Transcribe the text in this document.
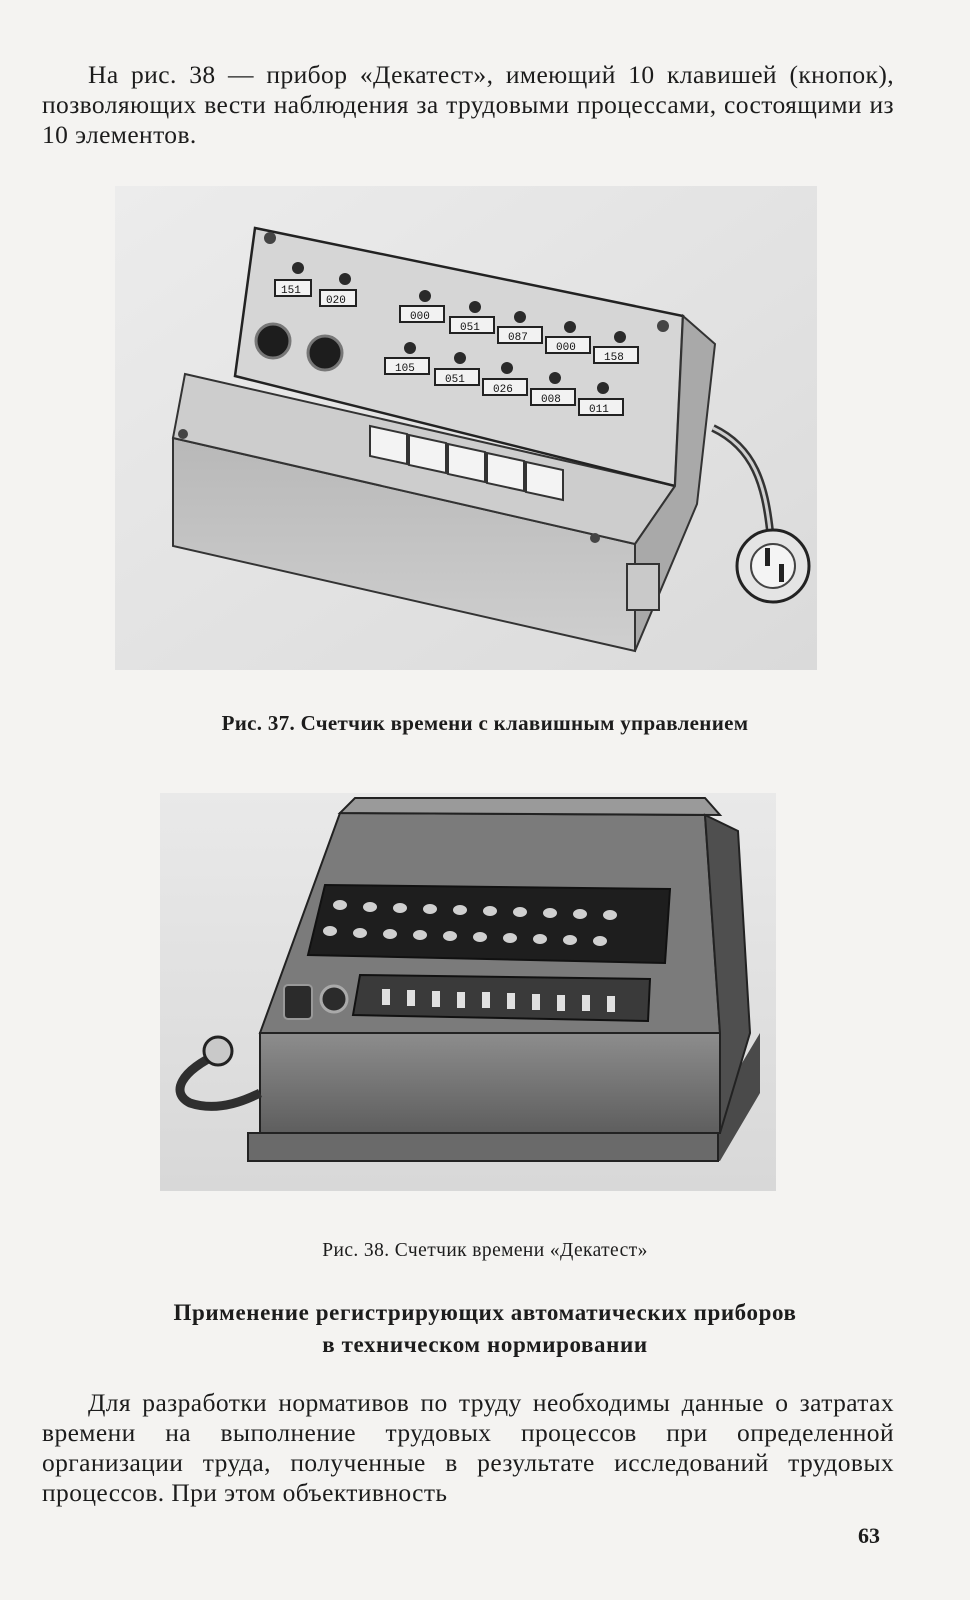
На рис. 38 — прибор «Декатест», имеющий 10 клавишей (кнопок), позволяющих вести наблюдения за трудовыми процессами, состоящими из 10 элементов.

151
020
000
051
087
000
158
105
051
026
008
011

Рис. 37. Счетчик времени с клавишным управлением

Рис. 38. Счетчик времени «Декатест»

Применение регистрирующих автоматических приборов
в техническом нормировании

Для разработки нормативов по труду необходимы данные о затратах времени на выполнение трудовых процессов при определенной организации труда, полученные в результате исследований трудовых процессов. При этом объективность

63
